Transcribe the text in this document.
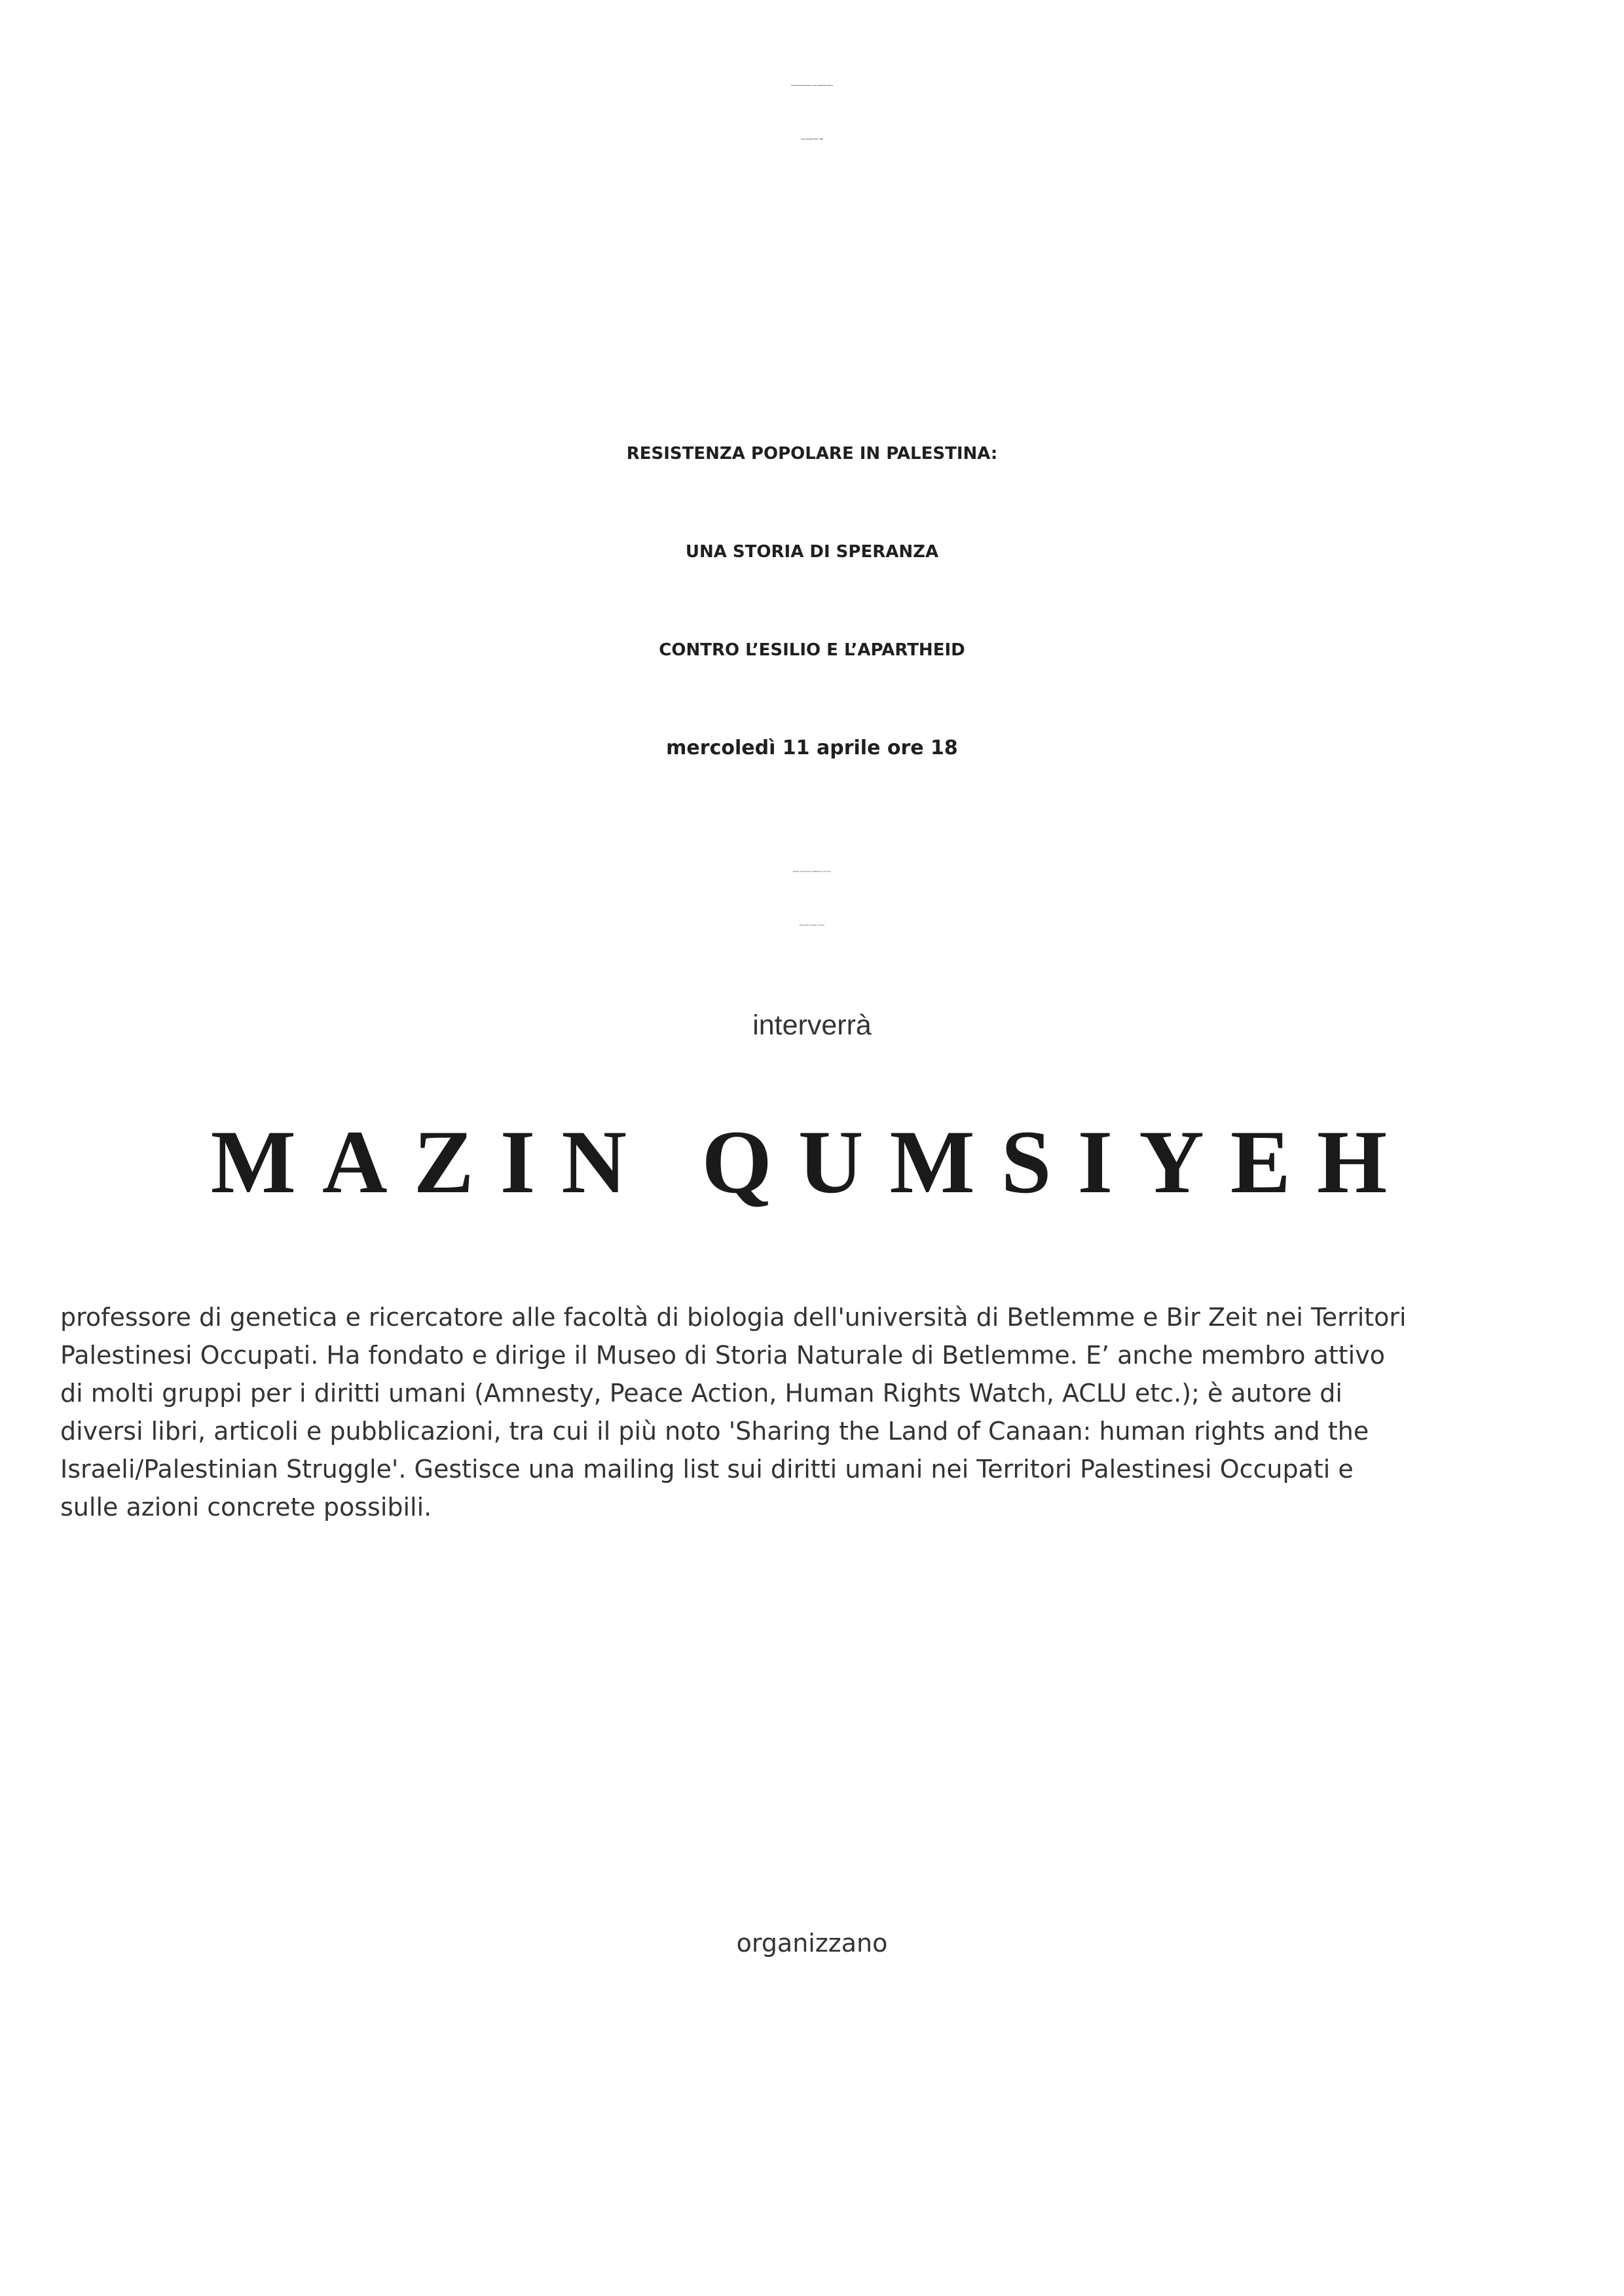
Quattordicesima Settimana contro l’apartheid israeliana
(Israeli Apartheid Week - IAW)

RESISTENZA POPOLARE IN PALESTINA:
UNA STORIA DI SPERANZA
CONTRO L’ESILIO E L’APARTHEID
mercoledì 11 aprile ore 18

Salone del Popolo di Palazzo D’Aronco
Piazzetta Lionello, Udine

interverrà

MAZIN QUMSIYEH

professore di genetica e ricercatore alle facoltà di biologia dell'università di Betlemme e Bir Zeit nei Territori
Palestinesi Occupati. Ha fondato e dirige il Museo di Storia Naturale di Betlemme. E’ anche membro attivo
di molti gruppi per i diritti umani (Amnesty, Peace Action, Human Rights Watch, ACLU etc.); è autore di
diversi libri, articoli e pubblicazioni, tra cui il più noto 'Sharing the Land of Canaan: human rights and the
Israeli/Palestinian Struggle'. Gestisce una mailing list sui diritti umani nei Territori Palestinesi Occupati e
sulle azioni concrete possibili.

organizzano
